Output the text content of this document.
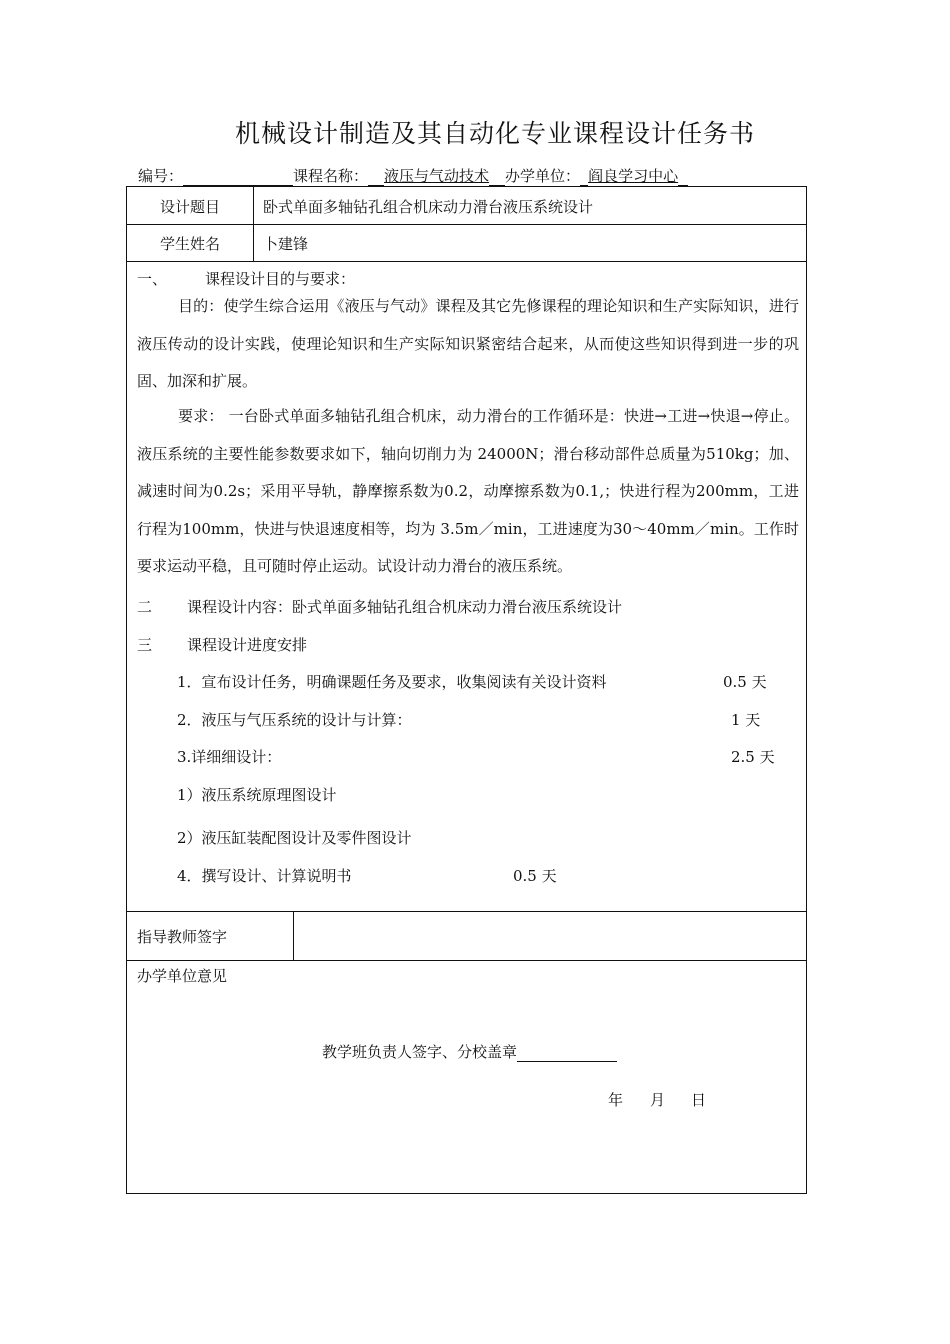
机械设计制造及其自动化专业课程设计任务书
编号：	课程名称： 液压与气动技术 办学单位： 阎良学习中心
设计题目	卧式单面多轴钻孔组合机床动力滑台液压系统设计
学生姓名	卜建锋
一、	课程设计目的与要求：
目的：使学生综合运用《液压与气动》课程及其它先修课程的理论知识和生产实际知识，进行液压传动的设计实践，使理论知识和生产实际知识紧密结合起来，从而使这些知识得到进一步的巩固、加深和扩展。
要求： 一台卧式单面多轴钻孔组合机床，动力滑台的工作循环是：快进→工进→快退→停止。液压系统的主要性能参数要求如下，轴向切削力为 24000N；滑台移动部件总质量为510kg；加、减速时间为0.2s；采用平导轨，静摩擦系数为0.2，动摩擦系数为0.1,；快进行程为200mm，工进行程为100mm，快进与快退速度相等，均为 3.5m／min，工进速度为30～40mm／min。工作时要求运动平稳，且可随时停止运动。试设计动力滑台的液压系统。
二 课程设计内容：卧式单面多轴钻孔组合机床动力滑台液压系统设计
三 课程设计进度安排
1．宣布设计任务，明确课题任务及要求，收集阅读有关设计资料	0.5 天
2．液压与气压系统的设计与计算：	1 天
3.详细细设计：	2.5 天
1）液压系统原理图设计
2）液压缸装配图设计及零件图设计
4．撰写设计、计算说明书	0.5 天
指导教师签字
办学单位意见
教学班负责人签字、分校盖章
年 月 日
